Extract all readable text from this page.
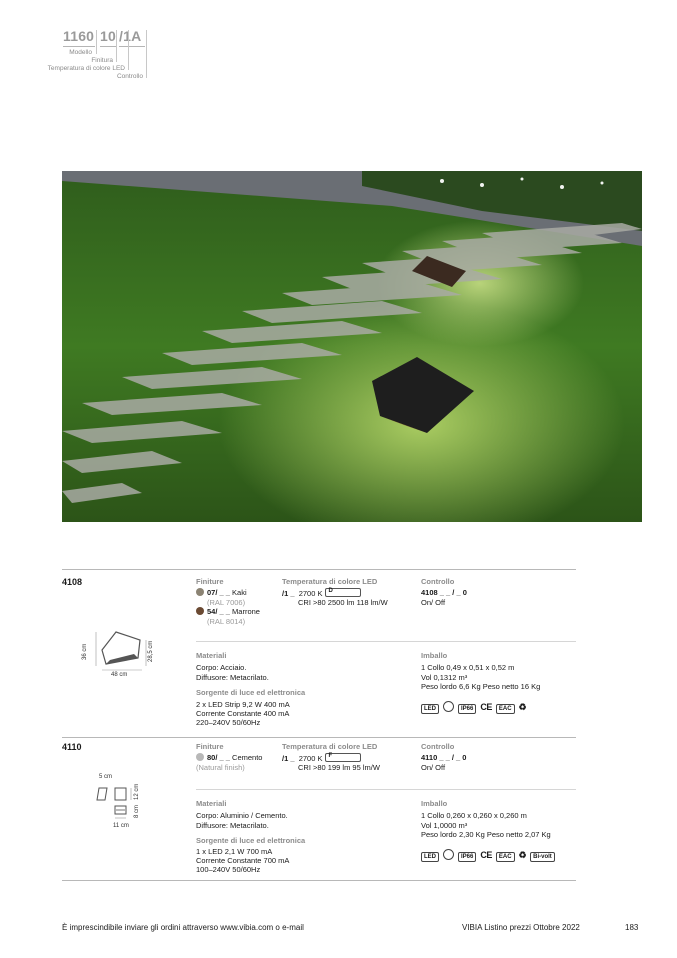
1160 10 /1A
Modello
Finitura
Temperatura di colore LED
Controllo
4108	Finiture
07/ _ _ Kaki
(RAL 7006)
54/ _ _ Marrone
(RAL 8014)
Temperatura di colore LED
/1 _ 2700 K D
CRI >80 2500 lm 118 lm/W
Controllo
4108 _ _ / _ 0
On/ Off
36 cm
48 cm
28,5 cm	Materiali
Corpo: Acciaio.
Diffusore: Metacrilato.
Sorgente di luce ed elettronica
2 x LED Strip 9,2 W 400 mA
Corrente Constante 400 mA
220–240V 50/60Hz
Imballo
1 Collo 0,49 x 0,51 x 0,52 m
Vol 0,1312 m³
Peso lordo 6,6 Kg Peso netto 16 Kg
LED	IP66 CE EAC ♻
4110	Finiture
80/ _ _ Cemento
(Natural finish)
Temperatura di colore LED
/1 _ 2700 K F
CRI >80 199 lm 95 lm/W
Controllo
4110 _ _ / _ 0
On/ Off
5 cm
12 cm
8 cm
11 cm
Materiali
Corpo: Aluminio / Cemento.
Diffusore: Metacrilato.
Sorgente di luce ed elettronica
1 x LED 2,1 W 700 mA
Corrente Constante 700 mA
100–240V 50/60Hz
Imballo
1 Collo 0,260 x 0,260 x 0,260 m
Vol 1,0000 m³
Peso lordo 2,30 Kg Peso netto 2,07 Kg
LED	IP66 CE EAC ♻ Bi-volt
È imprescindibile inviare gli ordini attraverso www.vibia.com o e-mail	VIBIA Listino prezzi Ottobre 2022	183
